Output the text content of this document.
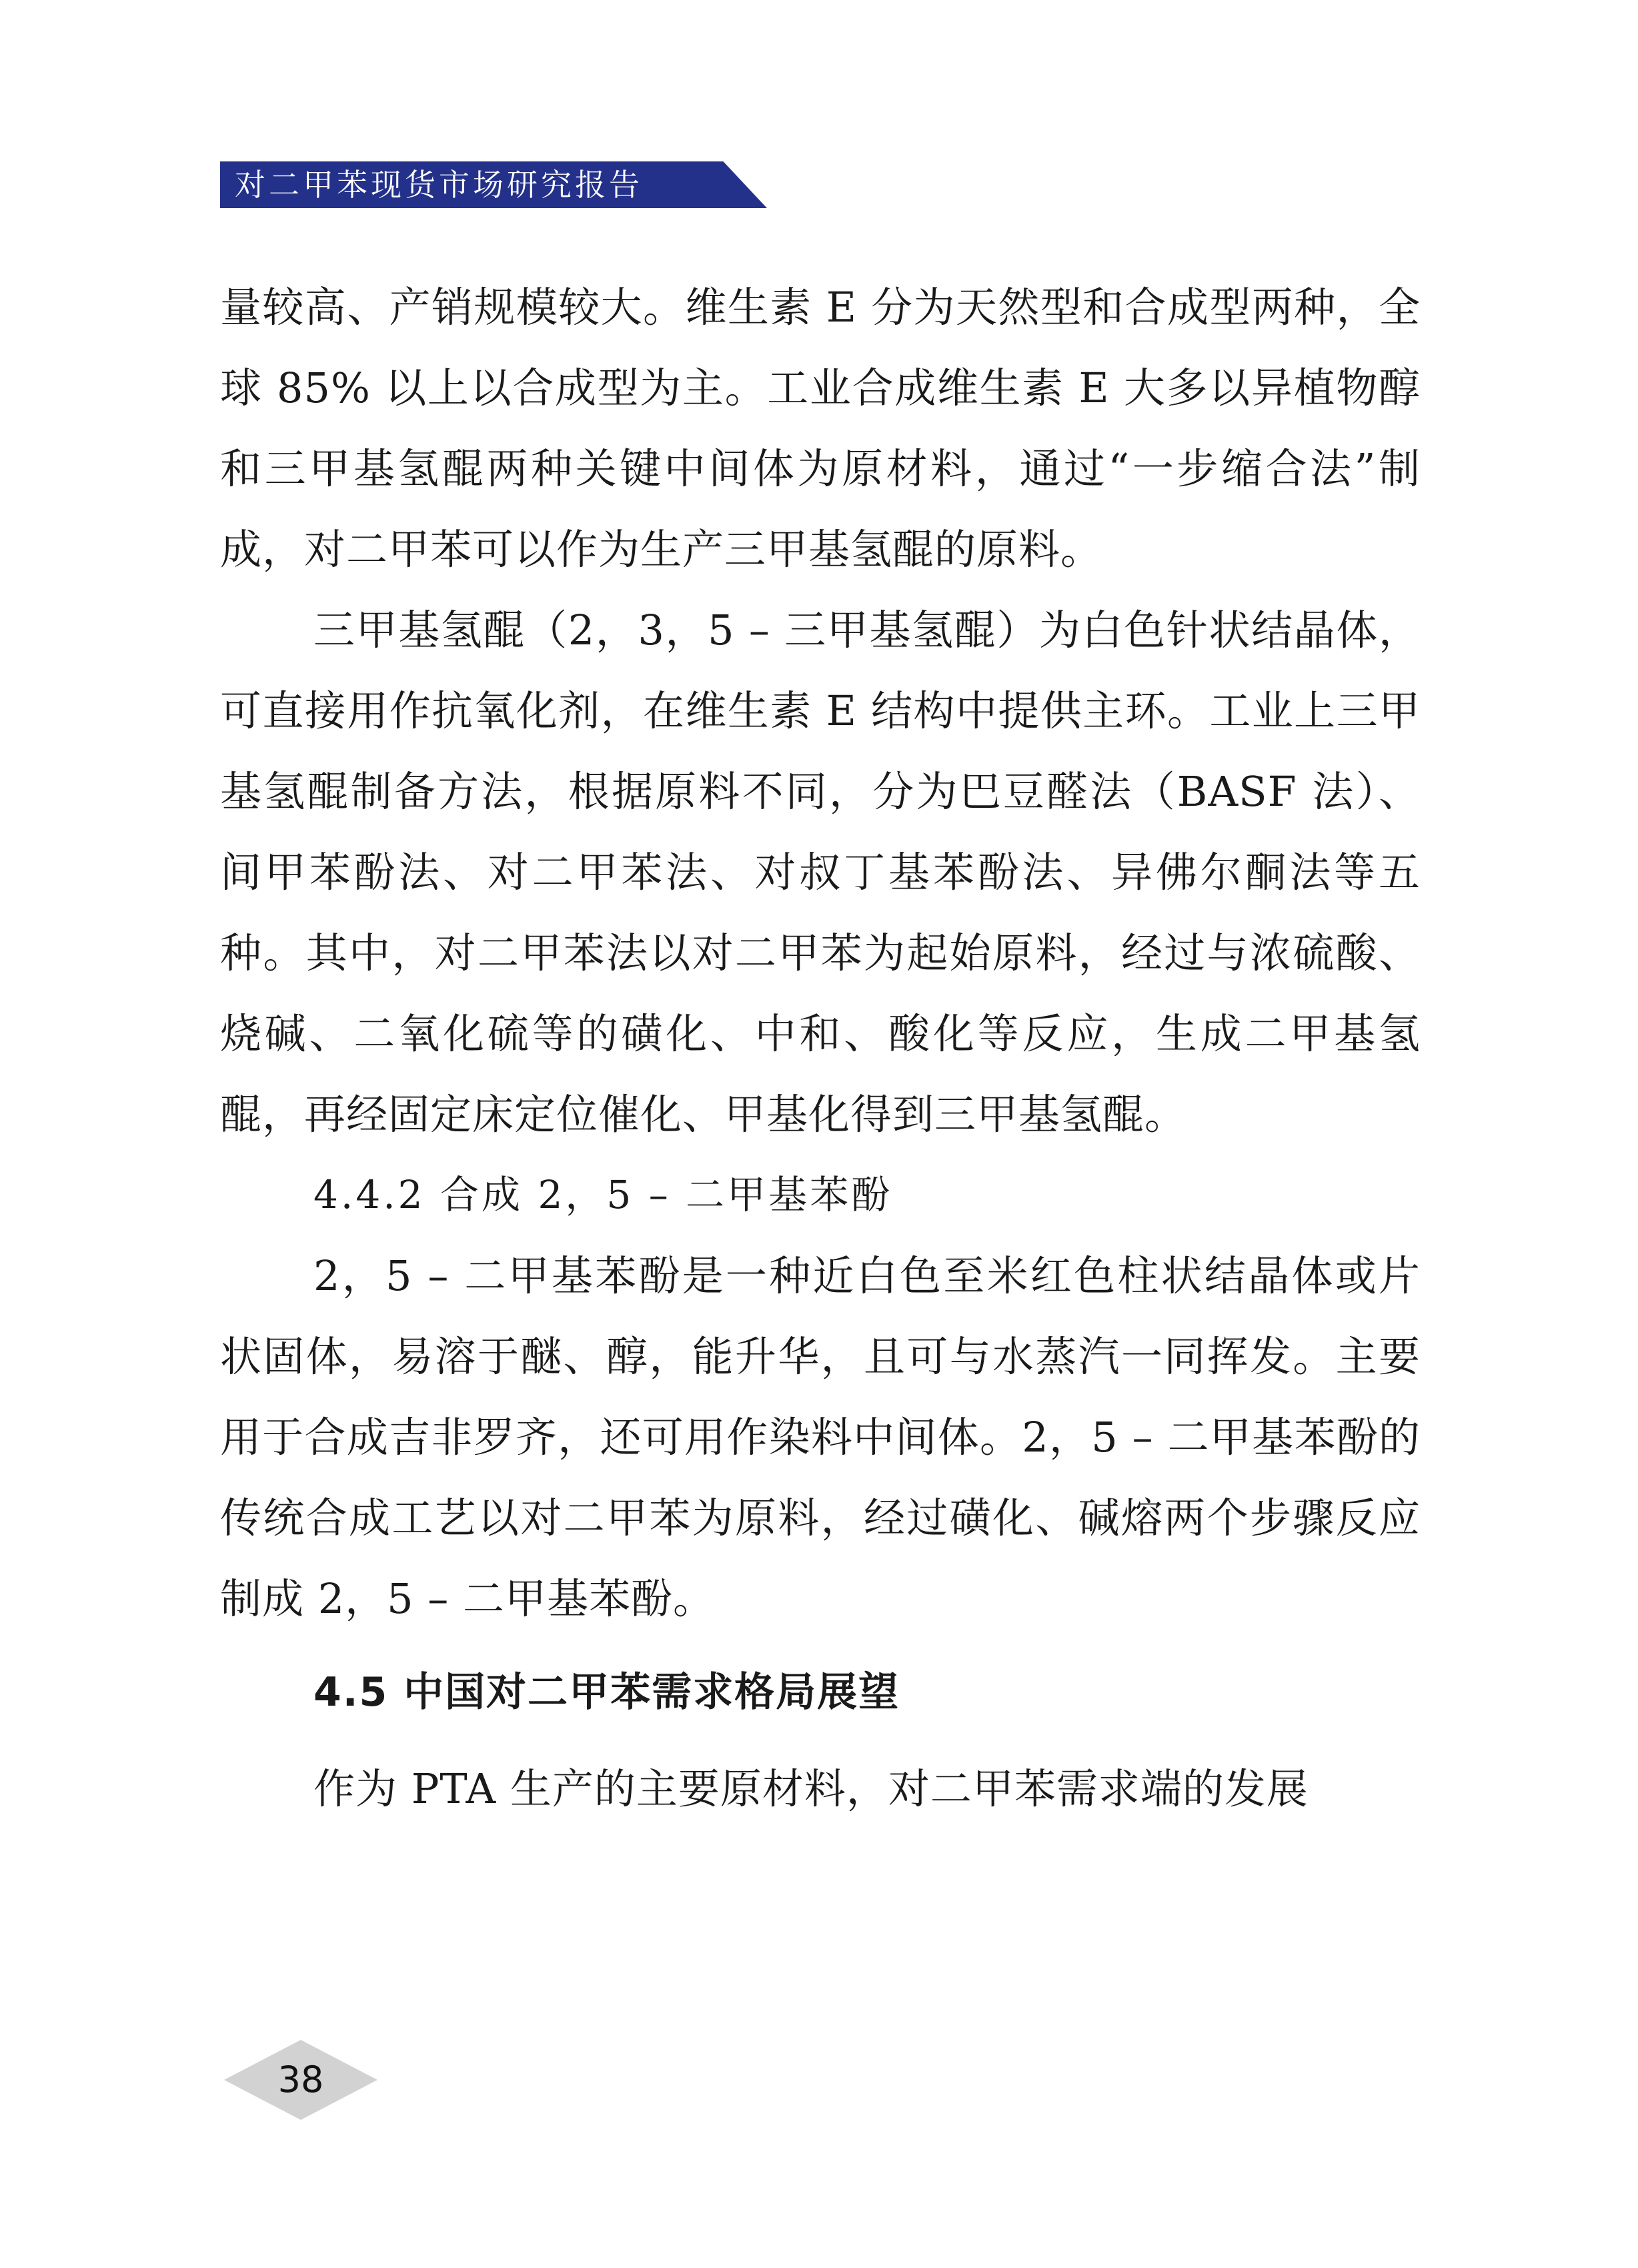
对二甲苯现货市场研究报告

量较高、产销规模较大。维生素 E 分为天然型和合成型两种，全球 85% 以上以合成型为主。工业合成维生素 E 大多以异植物醇和三甲基氢醌两种关键中间体为原材料，通过“一步缩合法”制成，对二甲苯可以作为生产三甲基氢醌的原料。

三甲基氢醌（2，3，5 – 三甲基氢醌）为白色针状结晶体，可直接用作抗氧化剂，在维生素 E 结构中提供主环。工业上三甲基氢醌制备方法，根据原料不同，分为巴豆醛法（BASF 法）、间甲苯酚法、对二甲苯法、对叔丁基苯酚法、异佛尔酮法等五种。其中，对二甲苯法以对二甲苯为起始原料，经过与浓硫酸、烧碱、二氧化硫等的磺化、中和、酸化等反应，生成二甲基氢醌，再经固定床定位催化、甲基化得到三甲基氢醌。

4.4.2 合成 2，5 – 二甲基苯酚

2，5 – 二甲基苯酚是一种近白色至米红色柱状结晶体或片状固体，易溶于醚、醇，能升华，且可与水蒸汽一同挥发。主要用于合成吉非罗齐，还可用作染料中间体。2，5 – 二甲基苯酚的传统合成工艺以对二甲苯为原料，经过磺化、碱熔两个步骤反应制成 2，5 – 二甲基苯酚。

4.5 中国对二甲苯需求格局展望

作为 PTA 生产的主要原材料，对二甲苯需求端的发展

38
